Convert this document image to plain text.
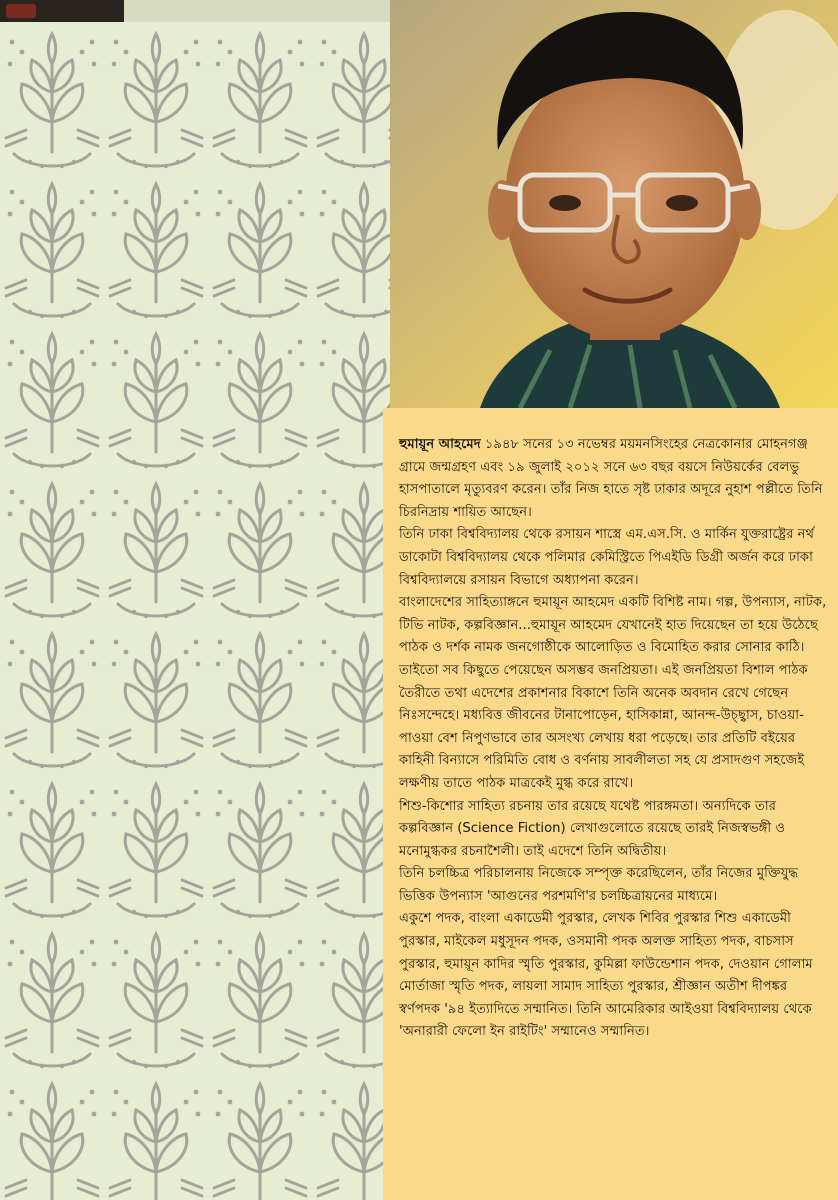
হুমায়ূন আহমেদ ১৯৪৮ সনের ১৩ নভেম্বর ময়মনসিংহের নেত্রকোনার মোহনগঞ্জ গ্রামে জন্মগ্রহণ এবং ১৯ জুলাই ২০১২ সনে ৬৩ বছর বয়সে নিউয়র্কের বেলভু হাসপাতালে মৃত্যুবরণ করেন। তাঁর নিজ হাতে সৃষ্ট ঢাকার অদূরে নুহাশ পল্লীতে তিনি চিরনিদ্রায় শায়িত আছেন।

তিনি ঢাকা বিশ্ববিদ্যালয় থেকে রসায়ন শাস্ত্রে এম.এস.সি. ও মার্কিন যুক্তরাষ্ট্রের নর্থ ডাকোটা বিশ্ববিদ্যালয় থেকে পলিমার কেমিস্ট্রিতে পিএইডি ডিগ্রী অর্জন করে ঢাকা বিশ্ববিদ্যালয়ে রসায়ন বিভাগে অধ্যাপনা করেন।

বাংলাদেশের সাহিত্যাঙ্গনে হুমায়ূন আহমেদ একটি বিশিষ্ট নাম। গল্প, উপন্যাস, নাটক, টিভি নাটক, কল্পবিজ্ঞান...হুমায়ূন আহমেদ যেখানেই হাত দিয়েছেন তা হয়ে উঠেছে পাঠক ও দর্শক নামক জনগোষ্ঠীকে আলোড়িত ও বিমোহিত করার সোনার কাঠি। তাইতো সব কিছুতে পেয়েছেন অসম্ভব জনপ্রিয়তা। এই জনপ্রিয়তা বিশাল পাঠক তৈরীতে তথা এদেশের প্রকাশনার বিকাশে তিনি অনেক অবদান রেখে গেছেন নিঃসন্দেহে। মধ্যবিত্ত জীবনের টানাপোড়েন, হাসিকান্না, আনন্দ-উচ্ছ্বাস, চাওয়া-পাওয়া বেশ নিপুণভাবে তার অসংখ্য লেখায় ধরা পড়েছে। তার প্রতিটি বইয়ের কাহিনী বিন্যাসে পরিমিতি বোধ ও বর্ণনায় সাবলীলতা সহ যে প্রসাদগুণ সহজেই লক্ষণীয় তাতে পাঠক মাত্রকেই মুগ্ধ করে রাখে।

শিশু-কিশোর সাহিত্য রচনায় তার রয়েছে যথেষ্ট পারঙ্গমতা। অন্যদিকে তার কল্পবিজ্ঞান (Science Fiction) লেখাগুলোতে রয়েছে তারই নিজস্বভঙ্গী ও মনোমুগ্ধকর রচনাশৈলী। তাই এদেশে তিনি অদ্বিতীয়।

তিনি চলচ্চিত্র পরিচালনায় নিজেকে সম্পৃক্ত করেছিলেন, তাঁর নিজের মুক্তিযুদ্ধ ভিত্তিক উপন্যাস 'আগুনের পরশমণি'র চলচ্চিত্রায়নের মাধ্যমে।

একুশে পদক, বাংলা একাডেমী পুরস্কার, লেখক শিবির পুরস্কার শিশু একাডেমী পুরস্কার, মাইকেল মধুসূদন পদক, ওসমানী পদক অলক্ত সাহিত্য পদক, বাচসাস পুরস্কার, হুমায়ূন কাদির স্মৃতি পুরস্কার, কুমিল্লা ফাউন্ডেশান পদক, দেওয়ান গোলাম মোর্তাজা স্মৃতি পদক, লায়লা সামাদ সাহিত্য পুরস্কার, শ্রীজ্ঞান অতীশ দীপঙ্কর স্বর্ণপদক '৯৪ ইত্যাদিতে সম্মানিত। তিনি আমেরিকার আইওয়া বিশ্ববিদ্যালয় থেকে 'অনারারী ফেলো ইন রাইটিং' সম্মানেও সম্মানিত।
